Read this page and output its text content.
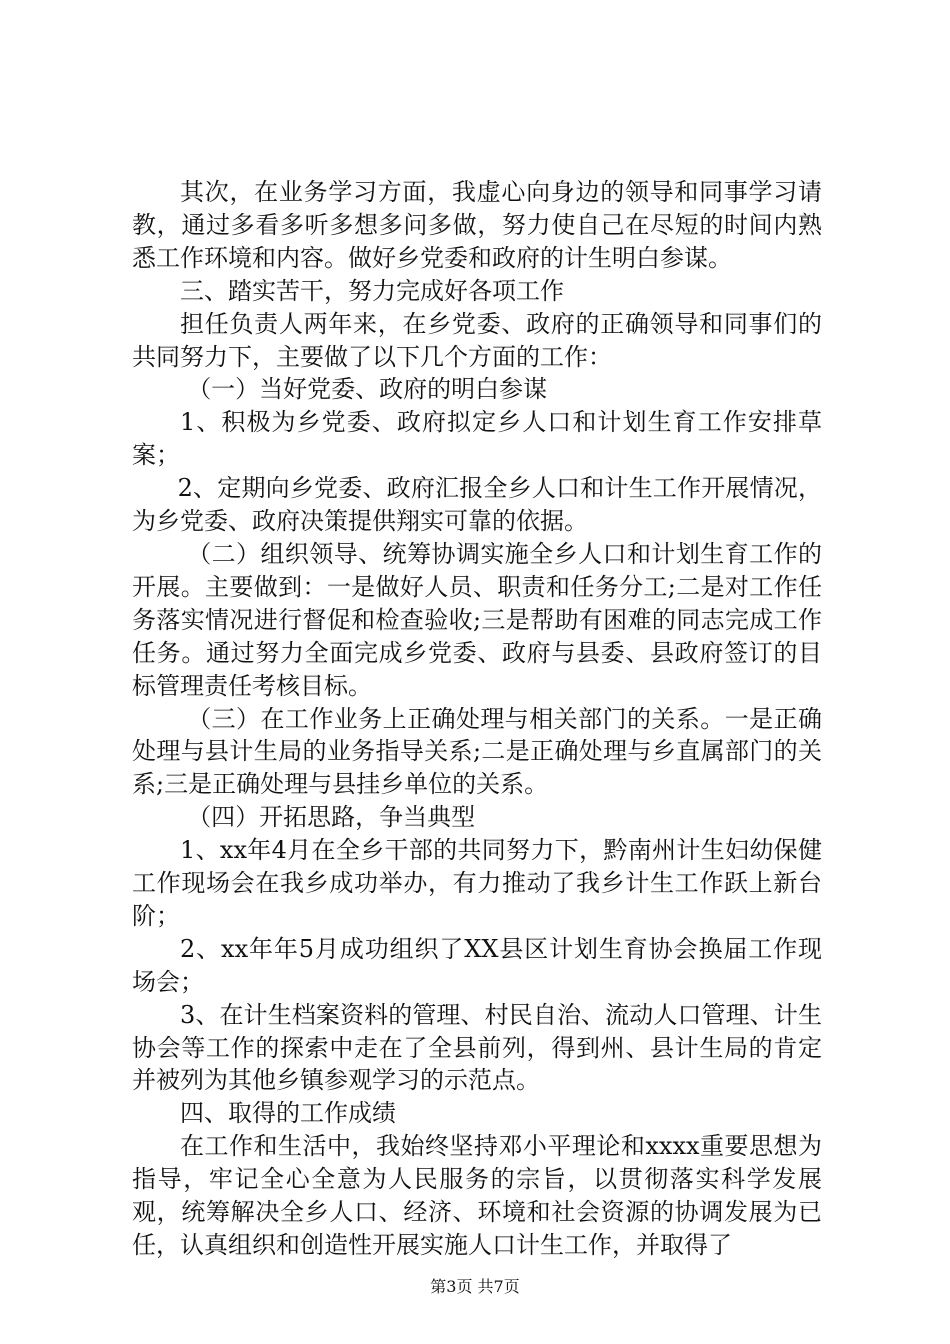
其次，在业务学习方面，我虚心向身边的领导和同事学习请教，通过多看多听多想多问多做，努力使自己在尽短的时间内熟悉工作环境和内容。做好乡党委和政府的计生明白参谋。

三、踏实苦干，努力完成好各项工作

担任负责人两年来，在乡党委、政府的正确领导和同事们的共同努力下，主要做了以下几个方面的工作：

（一）当好党委、政府的明白参谋

1、积极为乡党委、政府拟定乡人口和计划生育工作安排草案；

2、定期向乡党委、政府汇报全乡人口和计生工作开展情况，为乡党委、政府决策提供翔实可靠的依据。

（二）组织领导、统筹协调实施全乡人口和计划生育工作的开展。主要做到：一是做好人员、职责和任务分工;二是对工作任务落实情况进行督促和检查验收;三是帮助有困难的同志完成工作任务。通过努力全面完成乡党委、政府与县委、县政府签订的目标管理责任考核目标。

（三）在工作业务上正确处理与相关部门的关系。一是正确处理与县计生局的业务指导关系;二是正确处理与乡直属部门的关系;三是正确处理与县挂乡单位的关系。

（四）开拓思路，争当典型

1、xx年4月在全乡干部的共同努力下，黔南州计生妇幼保健工作现场会在我乡成功举办，有力推动了我乡计生工作跃上新台阶；

2、xx年年5月成功组织了XX县区计划生育协会换届工作现场会；

3、在计生档案资料的管理、村民自治、流动人口管理、计生协会等工作的探索中走在了全县前列，得到州、县计生局的肯定并被列为其他乡镇参观学习的示范点。

四、取得的工作成绩

在工作和生活中，我始终坚持邓小平理论和xxxx重要思想为指导，牢记全心全意为人民服务的宗旨，以贯彻落实科学发展观，统筹解决全乡人口、经济、环境和社会资源的协调发展为已任，认真组织和创造性开展实施人口计生工作，并取得了

第3页 共7页
